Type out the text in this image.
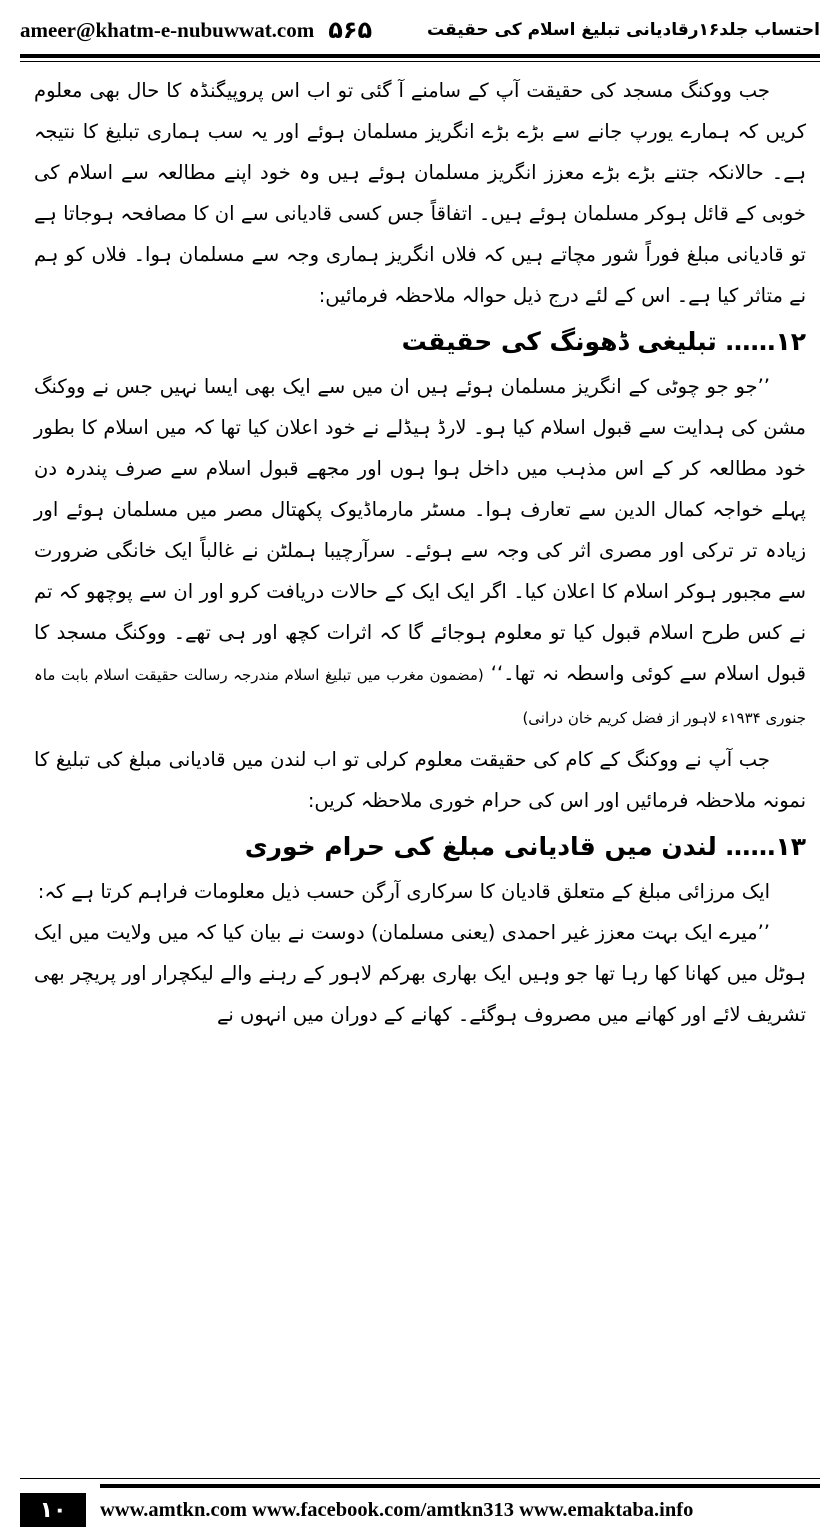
ameer@khatm-e-nubuwwat.com ۵۶۵	احتساب جلد۱۶رقادیانی تبلیغ اسلام کی حقیقت

جب ووکنگ مسجد کی حقیقت آپ کے سامنے آ گئی تو اب اس پروپیگنڈہ کا حال بھی معلوم کریں کہ ہمارے یورپ جانے سے بڑے بڑے انگریز مسلمان ہوئے اور یہ سب ہماری تبلیغ کا نتیجہ ہے۔ حالانکہ جتنے بڑے بڑے معزز انگریز مسلمان ہوئے ہیں وہ خود اپنے مطالعہ سے اسلام کی خوبی کے قائل ہوکر مسلمان ہوئے ہیں۔ اتفاقاً جس کسی قادیانی سے ان کا مصافحہ ہوجاتا ہے تو قادیانی مبلغ فوراً شور مچاتے ہیں کہ فلاں انگریز ہماری وجہ سے مسلمان ہوا۔ فلاں کو ہم نے متاثر کیا ہے۔ اس کے لئے درج ذیل حوالہ ملاحظہ فرمائیں:

۱۲…… تبلیغی ڈھونگ کی حقیقت

’’جو جو چوٹی کے انگریز مسلمان ہوئے ہیں ان میں سے ایک بھی ایسا نہیں جس نے ووکنگ مشن کی ہدایت سے قبول اسلام کیا ہو۔ لارڈ ہیڈلے نے خود اعلان کیا تھا کہ میں اسلام کا بطور خود مطالعہ کر کے اس مذہب میں داخل ہوا ہوں اور مجھے قبول اسلام سے صرف پندرہ دن پہلے خواجہ کمال الدین سے تعارف ہوا۔ مسٹر مارماڈیوک پکھتال مصر میں مسلمان ہوئے اور زیادہ تر ترکی اور مصری اثر کی وجہ سے ہوئے۔ سرآرچیبا ہملٹن نے غالباً ایک خانگی ضرورت سے مجبور ہوکر اسلام کا اعلان کیا۔ اگر ایک ایک کے حالات دریافت کرو اور ان سے پوچھو کہ تم نے کس طرح اسلام قبول کیا تو معلوم ہوجائے گا کہ اثرات کچھ اور ہی تھے۔ ووکنگ مسجد کا قبول اسلام سے کوئی واسطہ نہ تھا۔‘‘ (مضمون مغرب میں تبلیغ اسلام مندرجہ رسالت حقیقت اسلام بابت ماہ جنوری ۱۹۳۴ء لاہور از فضل کریم خان درانی)

جب آپ نے ووکنگ کے کام کی حقیقت معلوم کرلی تو اب لندن میں قادیانی مبلغ کی تبلیغ کا نمونہ ملاحظہ فرمائیں اور اس کی حرام خوری ملاحظہ کریں:

۱۳…… لندن میں قادیانی مبلغ کی حرام خوری

ایک مرزائی مبلغ کے متعلق قادیان کا سرکاری آرگن حسب ذیل معلومات فراہم کرتا ہے کہ:

’’میرے ایک بہت معزز غیر احمدی (یعنی مسلمان) دوست نے بیان کیا کہ میں ولایت میں ایک ہوٹل میں کھانا کھا رہا تھا جو وہیں ایک بھاری بھرکم لاہور کے رہنے والے لیکچرار اور پریچر بھی تشریف لائے اور کھانے میں مصروف ہوگئے۔ کھانے کے دوران میں انہوں نے

۱۰	www.amtkn.com www.facebook.com/amtkn313 www.emaktaba.info
